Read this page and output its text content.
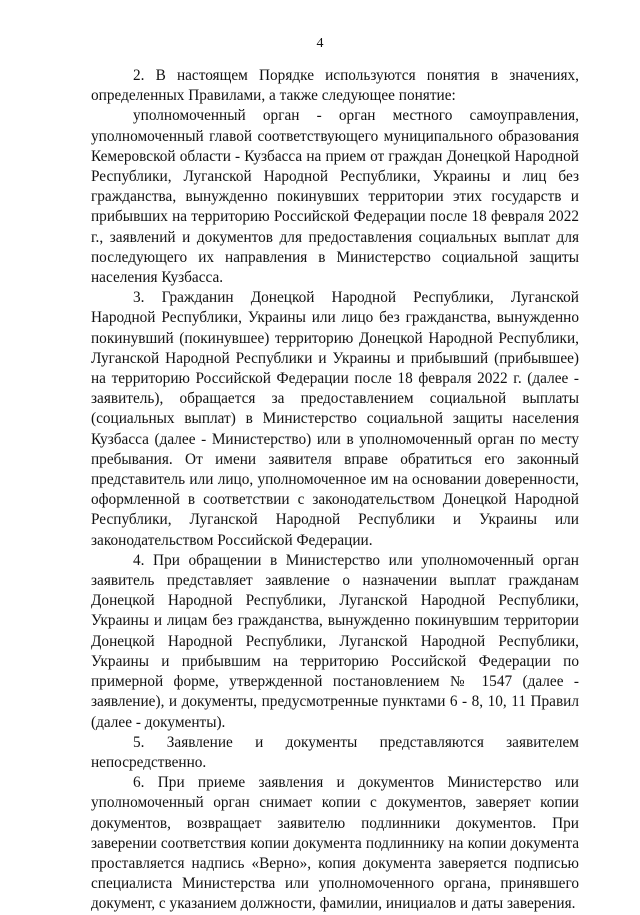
4

2. В настоящем Порядке используются понятия в значениях, определенных Правилами, а также следующее понятие:

уполномоченный орган - орган местного самоуправления, уполномоченный главой соответствующего муниципального образования Кемеровской области - Кузбасса на прием от граждан Донецкой Народной Республики, Луганской Народной Республики, Украины и лиц без гражданства, вынужденно покинувших территории этих государств и прибывших на территорию Российской Федерации после 18 февраля 2022 г., заявлений и документов для предоставления социальных выплат для последующего их направления в Министерство социальной защиты населения Кузбасса.

3. Гражданин Донецкой Народной Республики, Луганской Народной Республики, Украины или лицо без гражданства, вынужденно покинувший (покинувшее) территорию Донецкой Народной Республики, Луганской Народной Республики и Украины и прибывший (прибывшее) на территорию Российской Федерации после 18 февраля 2022 г. (далее - заявитель), обращается за предоставлением социальной выплаты (социальных выплат) в Министерство социальной защиты населения Кузбасса (далее - Министерство) или в уполномоченный орган по месту пребывания. От имени заявителя вправе обратиться его законный представитель или лицо, уполномоченное им на основании доверенности, оформленной в соответствии с законодательством Донецкой Народной Республики, Луганской Народной Республики и Украины или законодательством Российской Федерации.

4. При обращении в Министерство или уполномоченный орган заявитель представляет заявление о назначении выплат гражданам Донецкой Народной Республики, Луганской Народной Республики, Украины и лицам без гражданства, вынужденно покинувшим территории Донецкой Народной Республики, Луганской Народной Республики, Украины и прибывшим на территорию Российской Федерации по примерной форме, утвержденной постановлением № 1547 (далее - заявление), и документы, предусмотренные пунктами 6 - 8, 10, 11 Правил (далее - документы).

5. Заявление и документы представляются заявителем непосредственно.

6. При приеме заявления и документов Министерство или уполномоченный орган снимает копии с документов, заверяет копии документов, возвращает заявителю подлинники документов. При заверении соответствия копии документа подлиннику на копии документа проставляется надпись «Верно», копия документа заверяется подписью специалиста Министерства или уполномоченного органа, принявшего документ, с указанием должности, фамилии, инициалов и даты заверения.
